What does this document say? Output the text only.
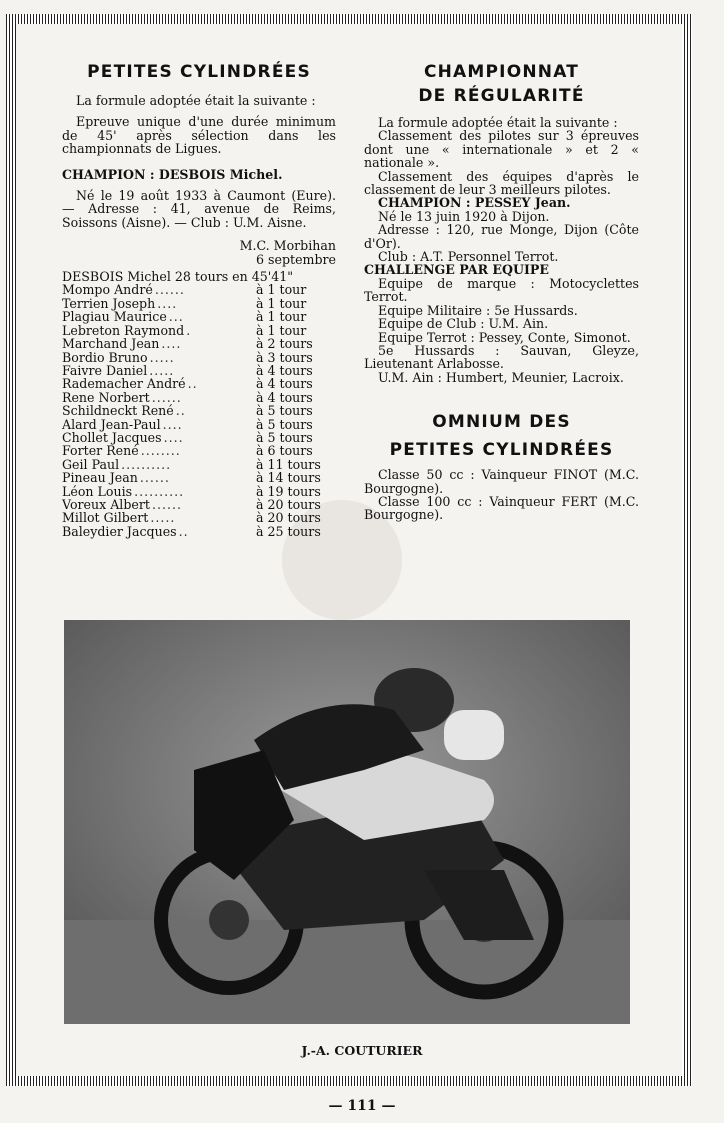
PETITES CYLINDRÉES

La formule adoptée était la suivante :

Epreuve unique d'une durée minimum de 45' après sélection dans les championnats de Ligues.

CHAMPION : DESBOIS Michel.

Né le 19 août 1933 à Caumont (Eure). — Adresse : 41, avenue de Reims, Soissons (Aisne). — Club : U.M. Aisne.

M.C. Morbihan

6 septembre

DESBOIS Michel 28 tours en 45'41"

Mompo André ......	à 1 tour
Terrien Joseph ....	à 1 tour
Plagiau Maurice ...	à 1 tour
Lebreton Raymond .	à 1 tour
Marchand Jean ....	à 2 tours
Bordio Bruno .....	à 3 tours
Faivre Daniel .....	à 4 tours
Rademacher André ..	à 4 tours
Rene Norbert ......	à 4 tours
Schildneckt René ..	à 5 tours
Alard Jean-Paul ....	à 5 tours
Chollet Jacques ....	à 5 tours
Forter René ........	à 6 tours
Geil Paul ..........	à 11 tours
Pineau Jean ......	à 14 tours
Léon Louis ..........	à 19 tours
Voreux Albert ......	à 20 tours
Millot Gilbert .....	à 20 tours
Baleydier Jacques ..	à 25 tours
CHAMPIONNAT
DE RÉGULARITÉ

La formule adoptée était la suivante :

Classement des pilotes sur 3 épreuves dont une « internationale » et 2 « nationale ».

Classement des équipes d'après le classement de leur 3 meilleurs pilotes.

CHAMPION : PESSEY Jean.

Né le 13 juin 1920 à Dijon.

Adresse : 120, rue Monge, Dijon (Côte d'Or).

Club : A.T. Personnel Terrot.

CHALLENGE PAR EQUIPE

Equipe de marque : Motocyclettes Terrot.

Equipe Militaire : 5e Hussards.

Equipe de Club : U.M. Ain.

Equipe Terrot : Pessey, Conte, Simonot.

5e Hussards : Sauvan, Gleyze, Lieutenant Arlabosse.

U.M. Ain : Humbert, Meunier, Lacroix.

OMNIUM DES
PETITES CYLINDRÉES

Classe 50 cc : Vainqueur FINOT (M.C. Bourgogne).

Classe 100 cc : Vainqueur FERT (M.C. Bourgogne).

J.-A. COUTURIER
— 111 —
